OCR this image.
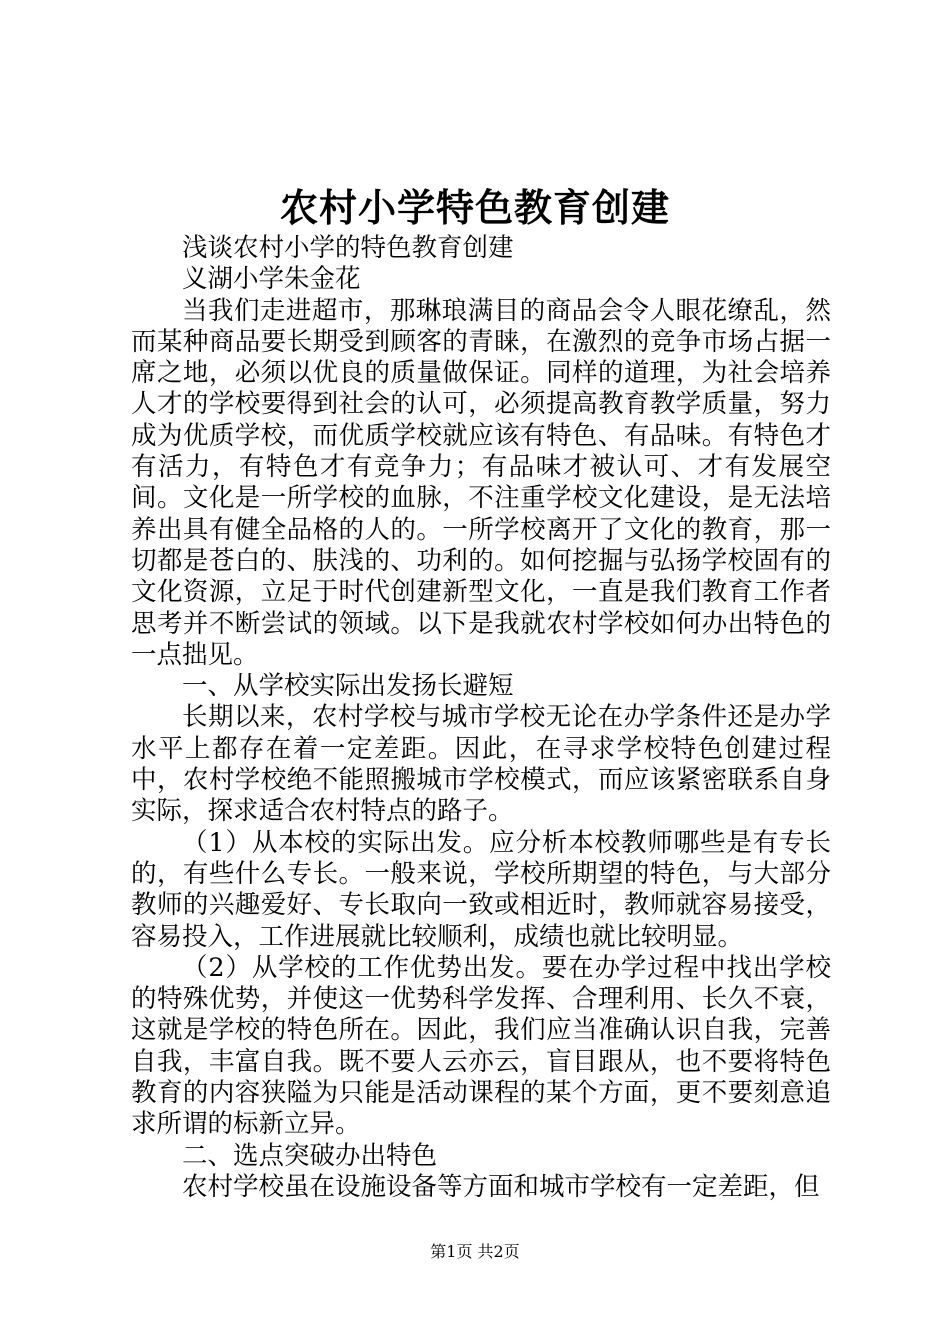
农村小学特色教育创建

浅谈农村小学的特色教育创建

义湖小学朱金花

当我们走进超市，那琳琅满目的商品会令人眼花缭乱，然而某种商品要长期受到顾客的青睐，在激烈的竞争市场占据一席之地，必须以优良的质量做保证。同样的道理，为社会培养人才的学校要得到社会的认可，必须提高教育教学质量，努力成为优质学校，而优质学校就应该有特色、有品味。有特色才有活力，有特色才有竞争力；有品味才被认可、才有发展空间。文化是一所学校的血脉，不注重学校文化建设，是无法培养出具有健全品格的人的。一所学校离开了文化的教育，那一切都是苍白的、肤浅的、功利的。如何挖掘与弘扬学校固有的文化资源，立足于时代创建新型文化，一直是我们教育工作者思考并不断尝试的领域。以下是我就农村学校如何办出特色的一点拙见。

一、从学校实际出发扬长避短

长期以来，农村学校与城市学校无论在办学条件还是办学水平上都存在着一定差距。因此，在寻求学校特色创建过程中，农村学校绝不能照搬城市学校模式，而应该紧密联系自身实际，探求适合农村特点的路子。

（1）从本校的实际出发。应分析本校教师哪些是有专长的，有些什么专长。一般来说，学校所期望的特色，与大部分教师的兴趣爱好、专长取向一致或相近时，教师就容易接受，容易投入，工作进展就比较顺利，成绩也就比较明显。

（2）从学校的工作优势出发。要在办学过程中找出学校的特殊优势，并使这一优势科学发挥、合理利用、长久不衰，这就是学校的特色所在。因此，我们应当准确认识自我，完善自我，丰富自我。既不要人云亦云，盲目跟从，也不要将特色教育的内容狭隘为只能是活动课程的某个方面，更不要刻意追求所谓的标新立异。

二、选点突破办出特色

农村学校虽在设施设备等方面和城市学校有一定差距，但

第1页 共2页
